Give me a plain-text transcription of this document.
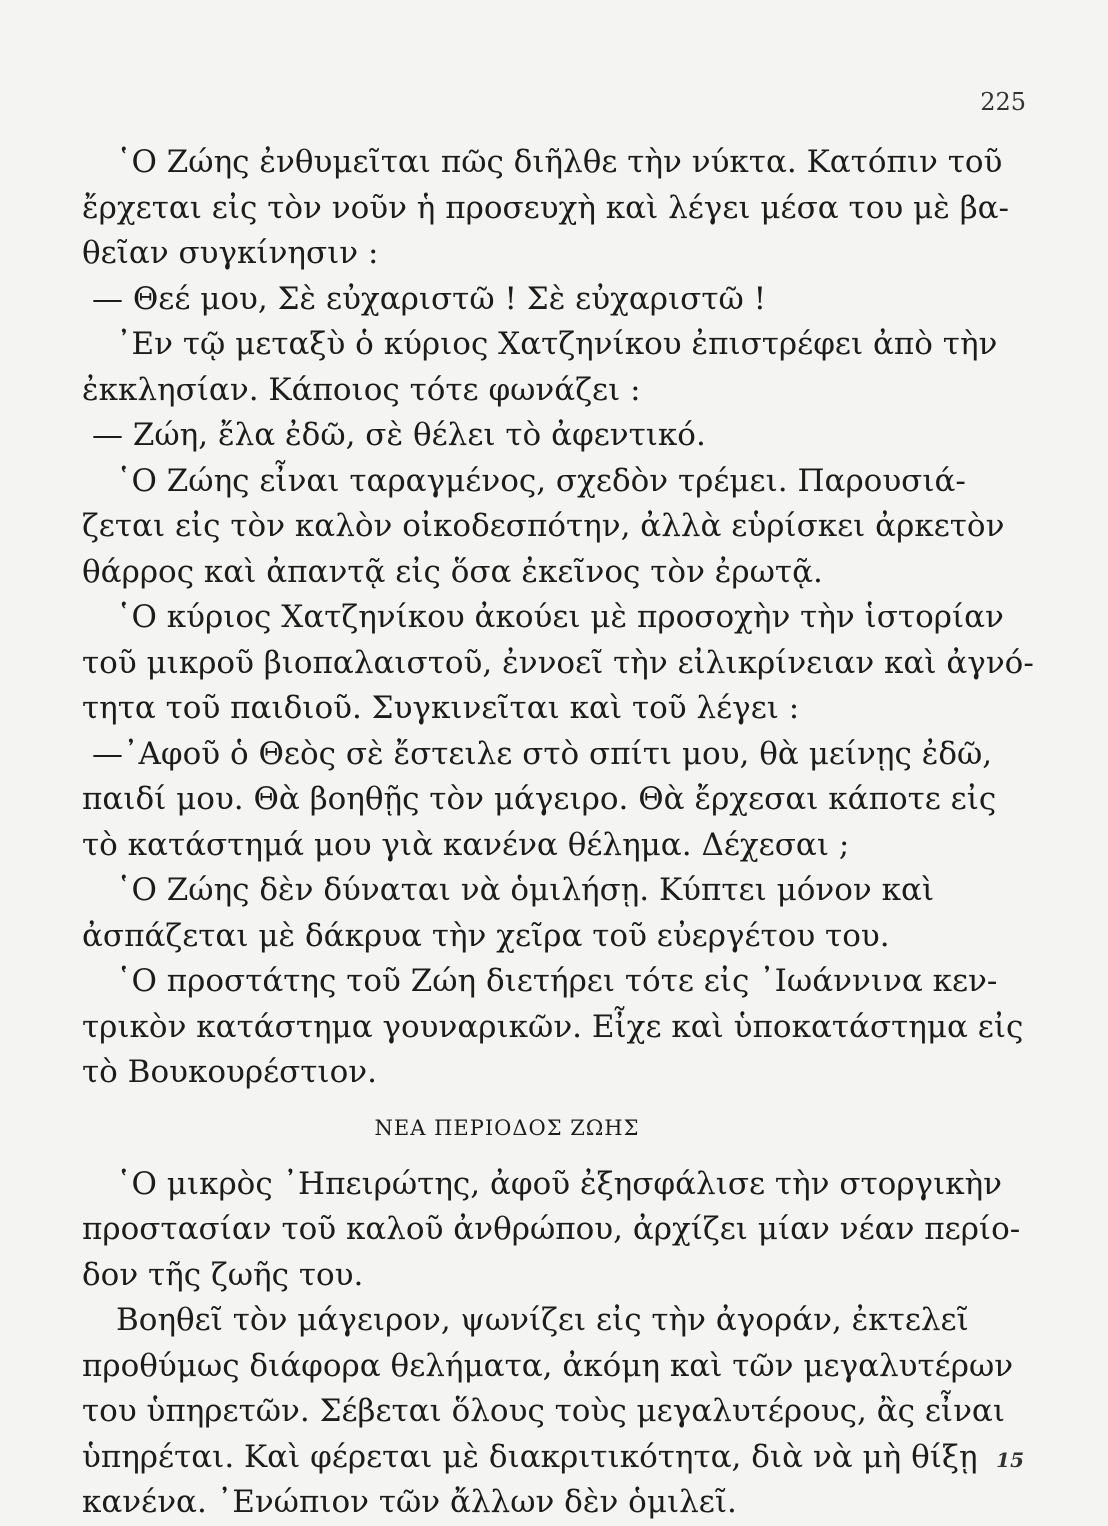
225
῾Ο Ζώης ἐνθυμεῖται πῶς διῆλθε τὴν νύκτα. Κατόπιν τοῦ
ἔρχεται εἰς τὸν νοῦν ἡ προσευχὴ καὶ λέγει μέσα του μὲ βα-
θεῖαν συγκίνησιν :
— Θεέ μου, Σὲ εὐχαριστῶ ! Σὲ εὐχαριστῶ !
᾿Εν τῷ μεταξὺ ὁ κύριος Χατζηνίκου ἐπιστρέφει ἀπὸ τὴν
ἐκκλησίαν. Κάποιος τότε φωνάζει :
— Ζώη, ἔλα ἐδῶ, σὲ θέλει τὸ ἀφεντικό.
῾Ο Ζώης εἶναι ταραγμένος, σχεδὸν τρέμει. Παρουσιά-
ζεται εἰς τὸν καλὸν οἰκοδεσπότην, ἀλλὰ εὑρίσκει ἀρκετὸν
θάρρος καὶ ἀπαντᾷ εἰς ὅσα ἐκεῖνος τὸν ἐρωτᾷ.
῾Ο κύριος Χατζηνίκου ἀκούει μὲ προσοχὴν τὴν ἱστορίαν
τοῦ μικροῦ βιοπαλαιστοῦ, ἐννοεῖ τὴν εἰλικρίνειαν καὶ ἀγνό-
τητα τοῦ παιδιοῦ. Συγκινεῖται καὶ τοῦ λέγει :
—᾿Αφοῦ ὁ Θεὸς σὲ ἔστειλε στὸ σπίτι μου, θὰ μείνῃς ἐδῶ,
παιδί μου. Θὰ βοηθῇς τὸν μάγειρο. Θὰ ἔρχεσαι κάποτε εἰς
τὸ κατάστημά μου γιὰ κανένα θέλημα. Δέχεσαι ;
῾Ο Ζώης δὲν δύναται νὰ ὁμιλήσῃ. Κύπτει μόνον καὶ
ἀσπάζεται μὲ δάκρυα τὴν χεῖρα τοῦ εὐεργέτου του.
῾Ο προστάτης τοῦ Ζώη διετήρει τότε εἰς ᾿Ιωάννινα κεν-
τρικὸν κατάστημα γουναρικῶν. Εἶχε καὶ ὑποκατάστημα εἰς
τὸ Βουκουρέστιον.
ΝΕΑ ΠΕΡΙΟΔΟΣ ΖΩΗΣ
῾Ο μικρὸς ᾿Ηπειρώτης, ἀφοῦ ἐξησφάλισε τὴν στοργικὴν
προστασίαν τοῦ καλοῦ ἀνθρώπου, ἀρχίζει μίαν νέαν περίο-
δον τῆς ζωῆς του.
Βοηθεῖ τὸν μάγειρον, ψωνίζει εἰς τὴν ἀγοράν, ἐκτελεῖ
προθύμως διάφορα θελήματα, ἀκόμη καὶ τῶν μεγαλυτέρων
του ὑπηρετῶν. Σέβεται ὅλους τοὺς μεγαλυτέρους, ἂς εἶναι
ὑπηρέται. Καὶ φέρεται μὲ διακριτικότητα, διὰ νὰ μὴ θίξῃ
κανένα. ᾿Ενώπιον τῶν ἄλλων δὲν ὁμιλεῖ.
15
